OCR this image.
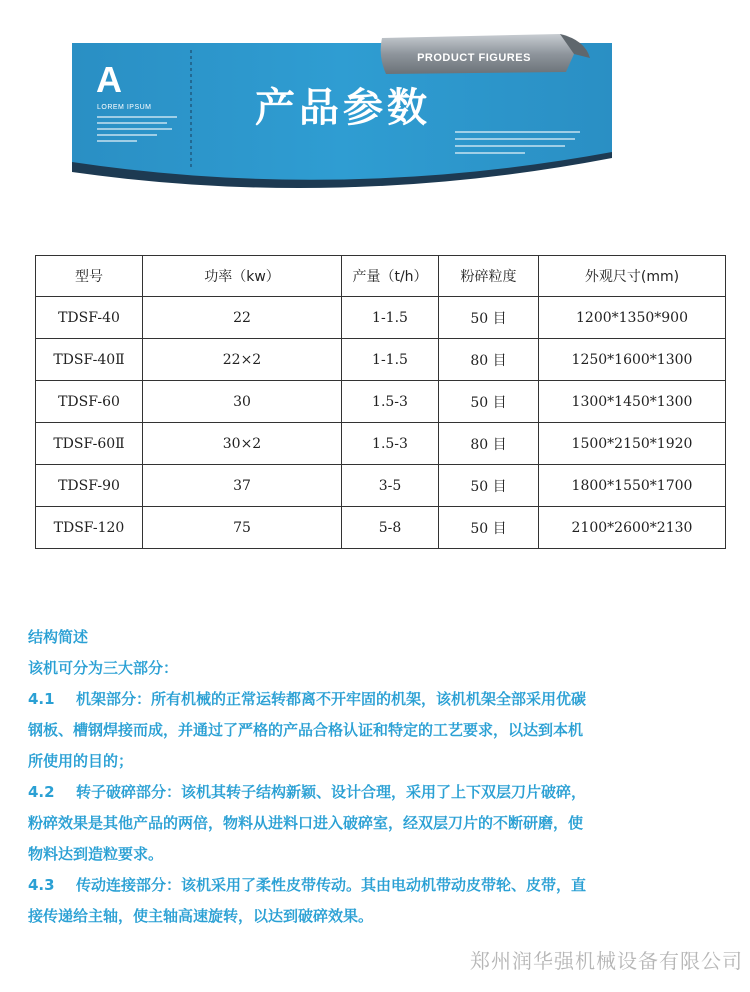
A
LOREM IPSUM	产品参数
PRODUCT FIGURES
型号	功率（kw）	产量（t/h）	粉碎粒度	外观尺寸(mm)
TDSF-40	22	1-1.5	50 目	1200*1350*900
TDSF-40Ⅱ	22×2	1-1.5	80 目	1250*1600*1300
TDSF-60	30	1.5-3	50 目	1300*1450*1300
TDSF-60Ⅱ	30×2	1.5-3	80 目	1500*2150*1920
TDSF-90	37	3-5	50 目	1800*1550*1700
TDSF-120	75	5-8	50 目	2100*2600*2130

结构简述

该机可分为三大部分：

4.1 机架部分：所有机械的正常运转都离不开牢固的机架，该机机架全部采用优碳

钢板、槽钢焊接而成，并通过了严格的产品合格认证和特定的工艺要求，以达到本机

所使用的目的；

4.2 转子破碎部分：该机其转子结构新颖、设计合理，采用了上下双层刀片破碎，

粉碎效果是其他产品的两倍，物料从进料口进入破碎室，经双层刀片的不断研磨，使

物料达到造粒要求。

4.3 传动连接部分：该机采用了柔性皮带传动。其由电动机带动皮带轮、皮带，直

接传递给主轴，使主轴高速旋转，以达到破碎效果。

郑州润华强机械设备有限公司
